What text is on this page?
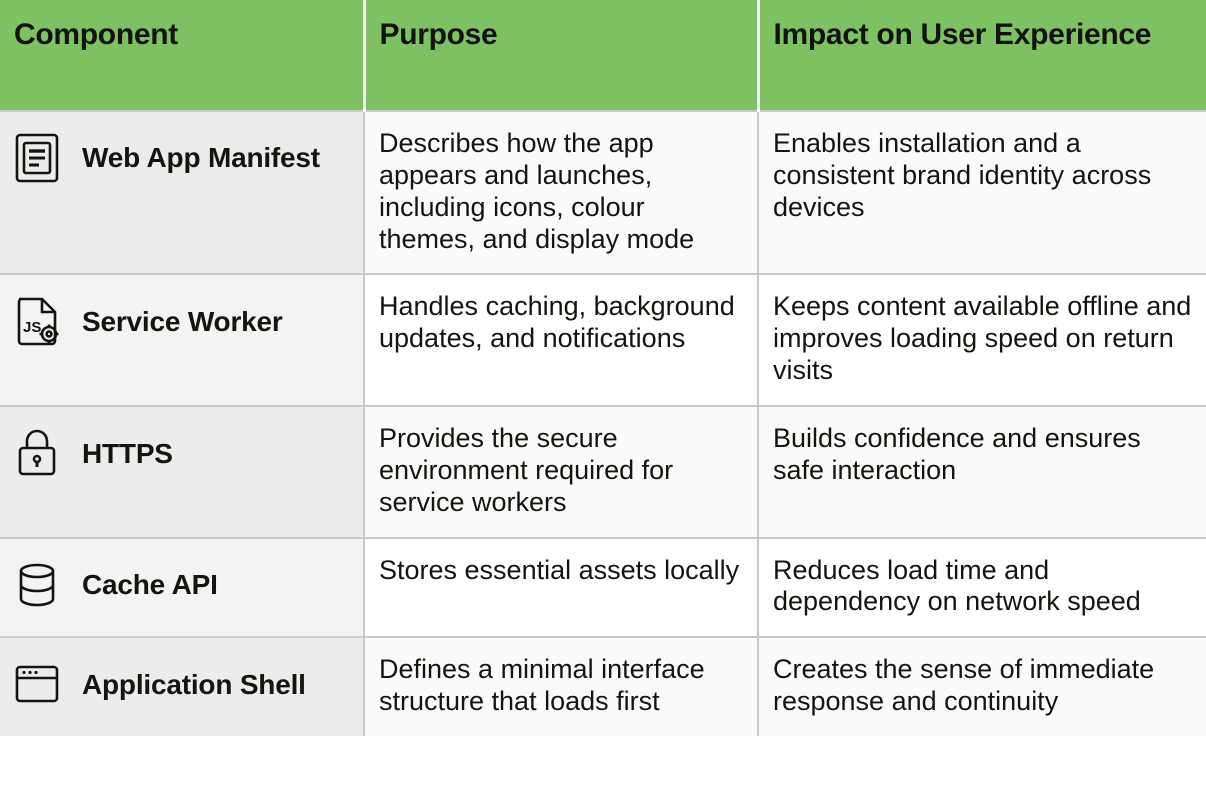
Component	Purpose	Impact on User Experience

Web App Manifest	Describes how the app appears and launches, including icons, colour themes, and display mode	Enables installation and a consistent brand identity across devices

JS Service Worker	Handles caching, background updates, and notifications	Keeps content available offline and improves loading speed on return visits

HTTPS	Provides the secure environment required for service workers	Builds confidence and ensures safe interaction

Cache API	Stores essential assets locally	Reduces load time and dependency on network speed

Application Shell	Defines a minimal interface structure that loads first	Creates the sense of immediate response and continuity
